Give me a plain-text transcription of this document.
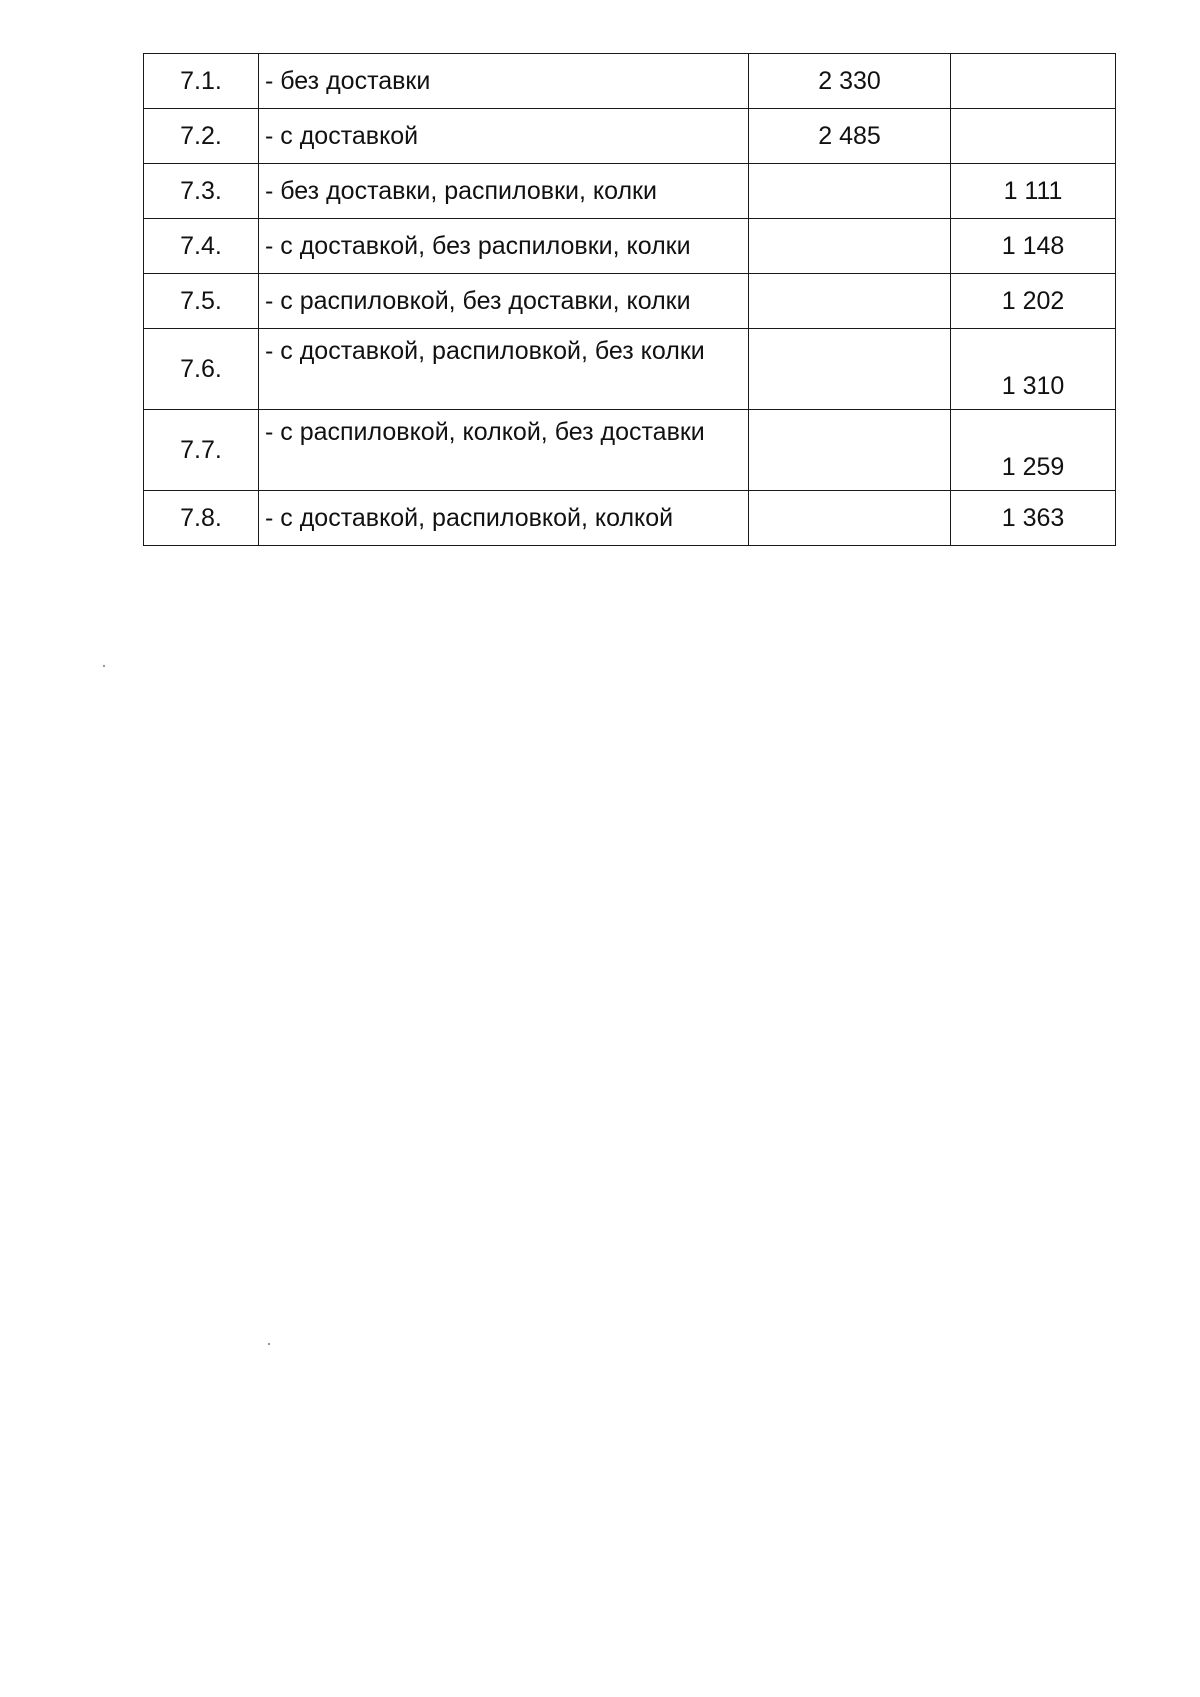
7.1.	- без доставки	2 330	
7.2.	- с доставкой	2 485	
7.3.	- без доставки, распиловки, колки		1 111
7.4.	- с доставкой, без распиловки, колки		1 148
7.5.	- с распиловкой, без доставки, колки		1 202
7.6.	- с доставкой, распиловкой, без колки		1 310
7.7.	- с распиловкой, колкой, без доставки		1 259
7.8.	- с доставкой, распиловкой, колкой		1 363
